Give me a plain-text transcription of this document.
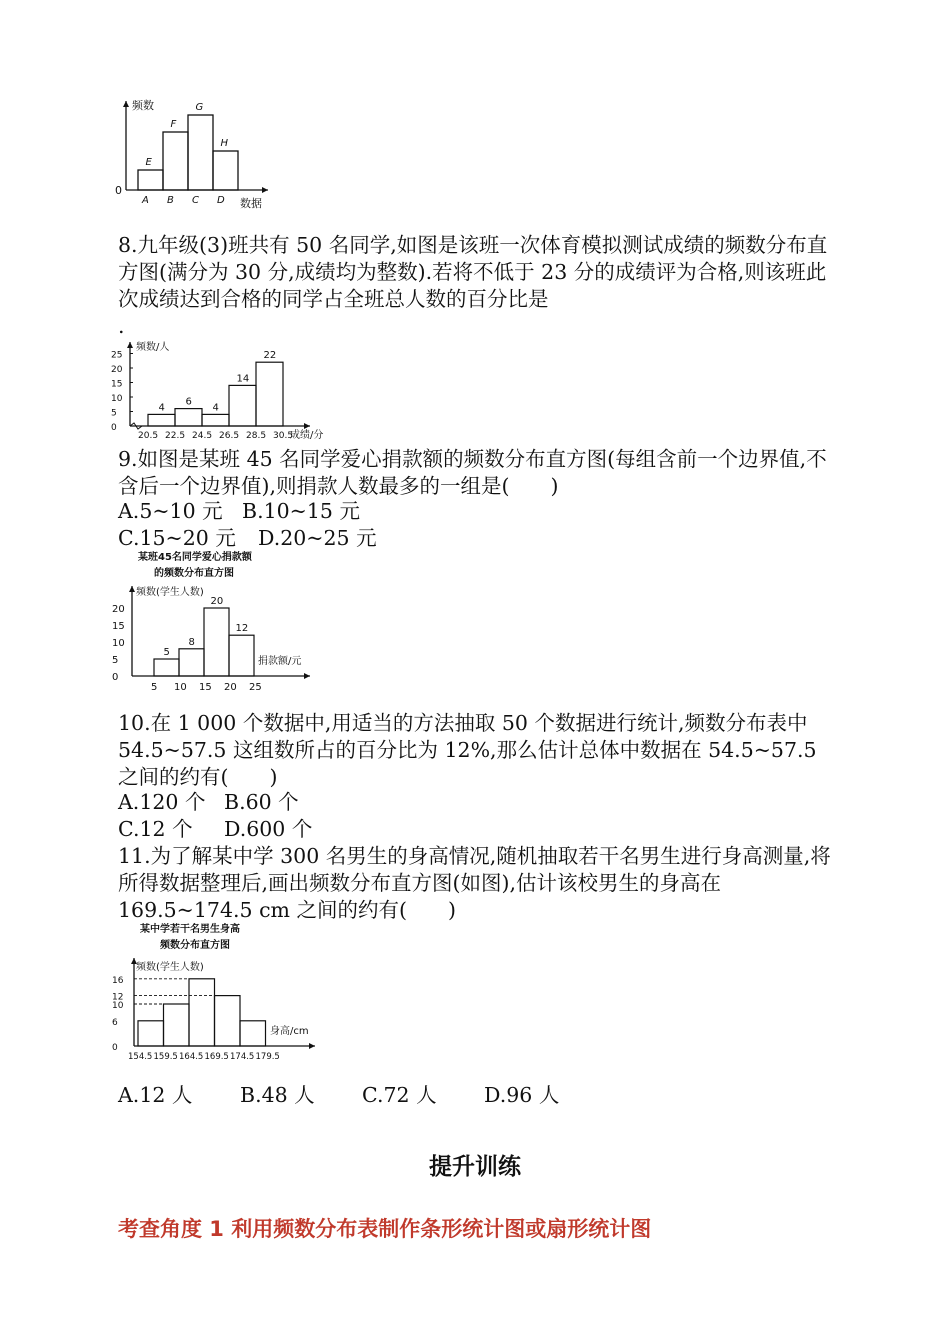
频数
数据
0
E
A
F
B
G
C
H
D
8.九年级(3)班共有 50 名同学,如图是该班一次体育模拟测试成绩的频数分布直方图(满分为 30 分,成绩均为整数).若将不低于 23 分的成绩评为合格,则该班此次成绩达到合格的同学占全班总人数的百分比是
.
频数/人
成绩/分
0
5
10
15
20
25
4
6
4
14
22
20.5 22.5 24.5 26.5 28.5 30.5
9.如图是某班 45 名同学爱心捐款额的频数分布直方图(每组含前一个边界值,不含后一个边界值),则捐款人数最多的一组是(　　)
A.5~10 元 B.10~15 元
C.15~20 元 D.20~25 元
某班45名同学爱心捐款额
的频数分布直方图
频数(学生人数)
捐款额/元
0
5
10
15
20
5
8
20
12
5 10 15 20 25
10.在 1 000 个数据中,用适当的方法抽取 50 个数据进行统计,频数分布表中 54.5~57.5 这组数所占的百分比为 12%,那么估计总体中数据在 54.5~57.5 之间的约有(　　)
A.120 个 B.60 个
C.12 个 D.600 个
11.为了解某中学 300 名男生的身高情况,随机抽取若干名男生进行身高测量,将所得数据整理后,画出频数分布直方图(如图),估计该校男生的身高在 169.5~174.5 cm 之间的约有(　　)
某中学若干名男生身高
频数分布直方图
频数(学生人数)
身高/cm
0
6
10
12
16
154.5 159.5 164.5 169.5 174.5 179.5
A.12 人 B.48 人 C.72 人 D.96 人
提升训练
考查角度 1 利用频数分布表制作条形统计图或扇形统计图
